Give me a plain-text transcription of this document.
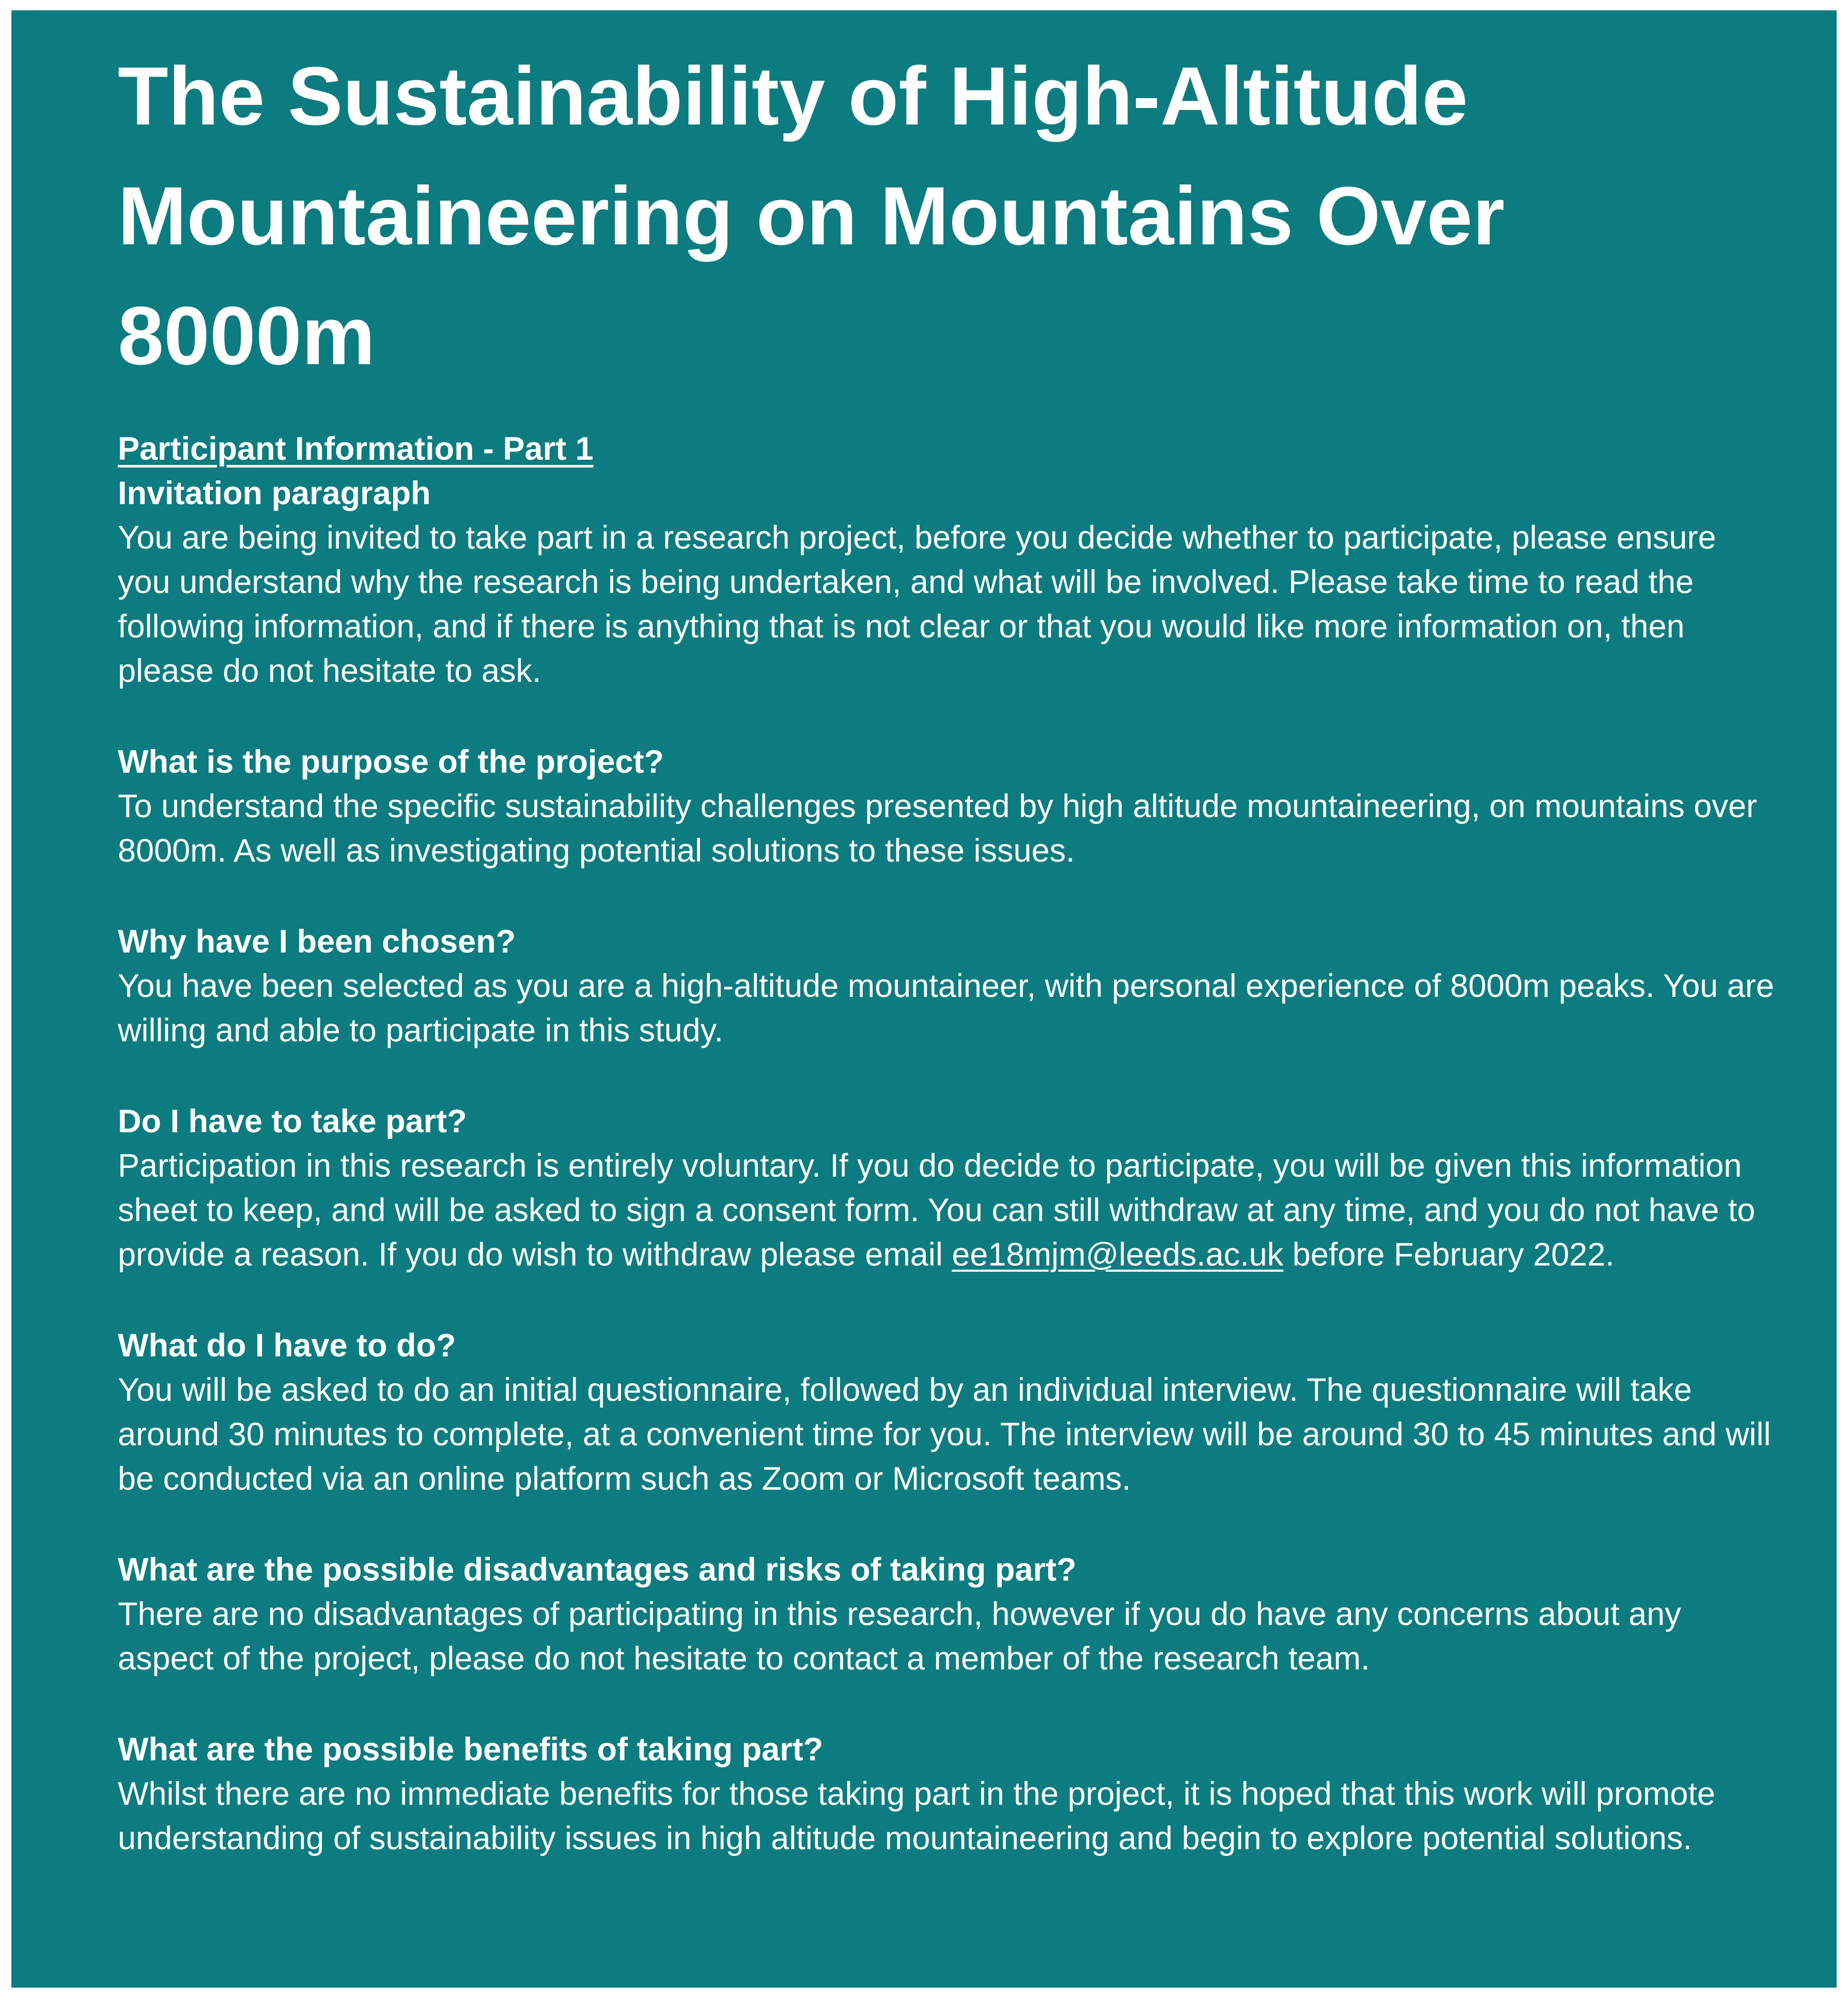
The Sustainability of High-Altitude Mountaineering on Mountains Over 8000m
Participant Information - Part 1
Invitation paragraph

You are being invited to take part in a research project, before you decide whether to participate, please ensure you understand why the research is being undertaken, and what will be involved. Please take time to read the following information, and if there is anything that is not clear or that you would like more information on, then please do not hesitate to ask.

What is the purpose of the project?

To understand the specific sustainability challenges presented by high altitude mountaineering, on mountains over 8000m. As well as investigating potential solutions to these issues.

Why have I been chosen?

You have been selected as you are a high-altitude mountaineer, with personal experience of 8000m peaks. You are willing and able to participate in this study.

Do I have to take part?

Participation in this research is entirely voluntary. If you do decide to participate, you will be given this information sheet to keep, and will be asked to sign a consent form. You can still withdraw at any time, and you do not have to provide a reason. If you do wish to withdraw please email ee18mjm@leeds.ac.uk before February 2022.

What do I have to do?

You will be asked to do an initial questionnaire, followed by an individual interview. The questionnaire will take around 30 minutes to complete, at a convenient time for you. The interview will be around 30 to 45 minutes and will be conducted via an online platform such as Zoom or Microsoft teams.

What are the possible disadvantages and risks of taking part?

There are no disadvantages of participating in this research, however if you do have any concerns about any aspect of the project, please do not hesitate to contact a member of the research team.

What are the possible benefits of taking part?

Whilst there are no immediate benefits for those taking part in the project, it is hoped that this work will promote understanding of sustainability issues in high altitude mountaineering and begin to explore potential solutions.
